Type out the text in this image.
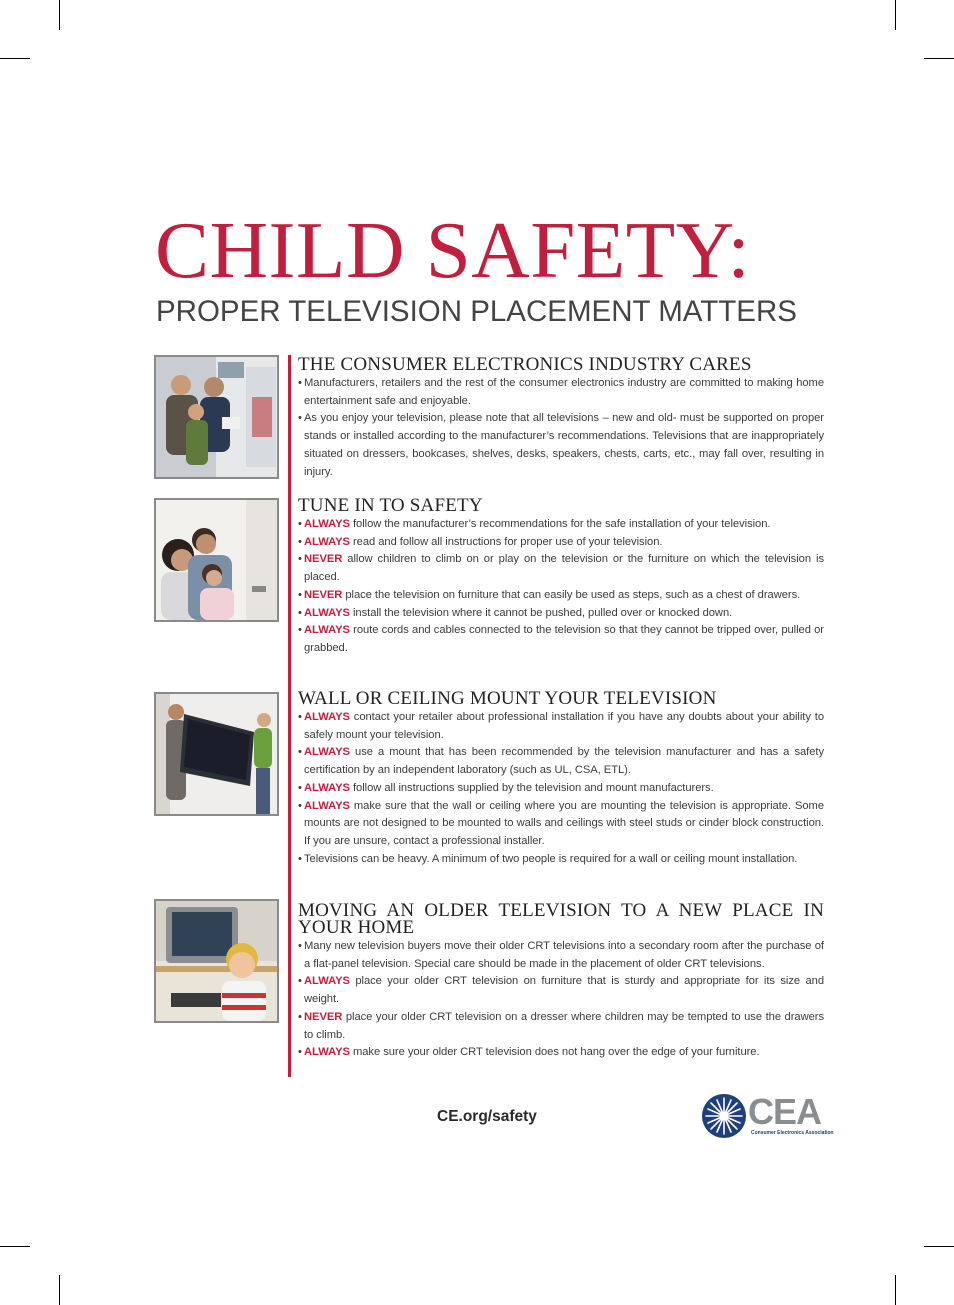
CHILD SAFETY:
PROPER TELEVISION PLACEMENT MATTERS
THE CONSUMER ELECTRONICS INDUSTRY CARES
• Manufacturers, retailers and the rest of the consumer electronics industry are committed to making home entertainment safe and enjoyable.
• As you enjoy your television, please note that all televisions – new and old- must be supported on proper stands or installed according to the manufacturer’s recommendations. Televisions that are inappropriately situated on dressers, bookcases, shelves, desks, speakers, chests, carts, etc., may fall over, resulting in injury.
TUNE IN TO SAFETY
• ALWAYS follow the manufacturer’s recommendations for the safe installation of your television.
• ALWAYS read and follow all instructions for proper use of your television.
• NEVER allow children to climb on or play on the television or the furniture on which the television is placed.
• NEVER place the television on furniture that can easily be used as steps, such as a chest of drawers.
• ALWAYS install the television where it cannot be pushed, pulled over or knocked down.
• ALWAYS route cords and cables connected to the television so that they cannot be tripped over, pulled or grabbed.
WALL OR CEILING MOUNT YOUR TELEVISION
• ALWAYS contact your retailer about professional installation if you have any doubts about your ability to safely mount your television.
• ALWAYS use a mount that has been recommended by the television manufacturer and has a safety certification by an independent laboratory (such as UL, CSA, ETL).
• ALWAYS follow all instructions supplied by the television and mount manufacturers.
• ALWAYS make sure that the wall or ceiling where you are mounting the television is appropriate. Some mounts are not designed to be mounted to walls and ceilings with steel studs or cinder block construction. If you are unsure, contact a professional installer.
• Televisions can be heavy. A minimum of two people is required for a wall or ceiling mount installation.
MOVING AN OLDER TELEVISION TO A NEW PLACE IN YOUR HOME
• Many new television buyers move their older CRT televisions into a secondary room after the purchase of a flat-panel television. Special care should be made in the placement of older CRT televisions.
• ALWAYS place your older CRT television on furniture that is sturdy and appropriate for its size and weight.
• NEVER place your older CRT television on a dresser where children may be tempted to use the drawers to climb.
• ALWAYS make sure your older CRT television does not hang over the edge of your furniture.
CE.org/safety	CEA
Consumer Electronics Association
